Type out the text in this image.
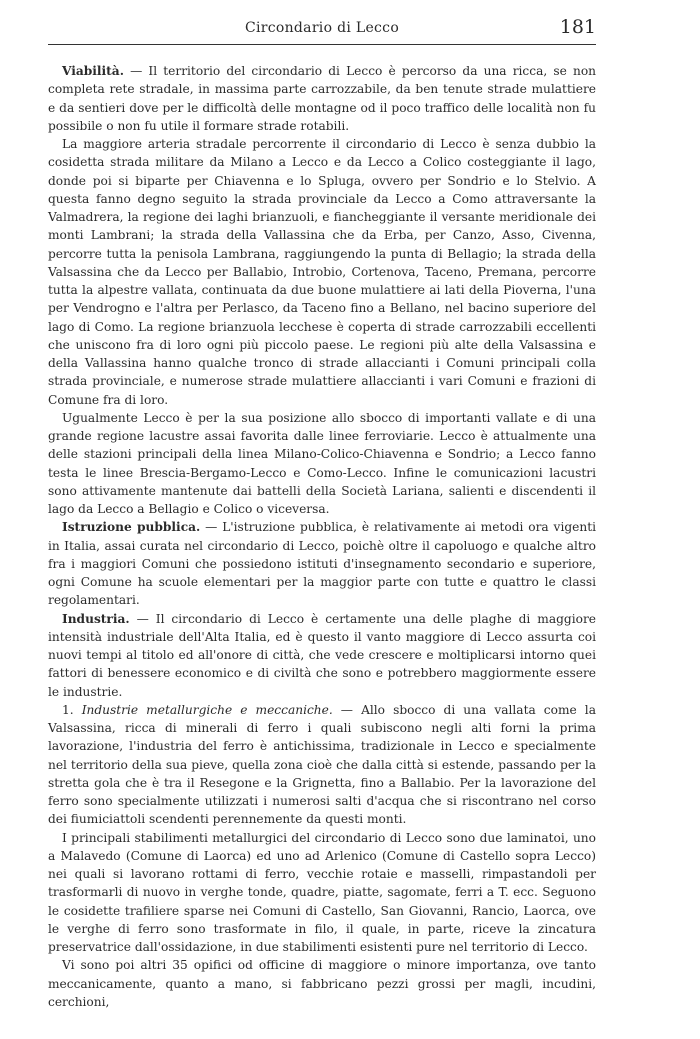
Circondario di Lecco	181

Viabilità. — Il territorio del circondario di Lecco è percorso da una ricca, se non completa rete stradale, in massima parte carrozzabile, da ben tenute strade mulattiere e da sentieri dove per le difficoltà delle montagne od il poco traffico delle località non fu possibile o non fu utile il formare strade rotabili.

La maggiore arteria stradale percorrente il circondario di Lecco è senza dubbio la cosidetta strada militare da Milano a Lecco e da Lecco a Colico costeggiante il lago, donde poi si biparte per Chiavenna e lo Spluga, ovvero per Sondrio e lo Stelvio. A questa fanno degno seguito la strada provinciale da Lecco a Como attraversante la Valmadrera, la regione dei laghi brianzuoli, e fiancheggiante il versante meridionale dei monti Lambrani; la strada della Vallassina che da Erba, per Canzo, Asso, Civenna, percorre tutta la penisola Lambrana, raggiungendo la punta di Bellagio; la strada della Valsassina che da Lecco per Ballabio, Introbio, Cortenova, Taceno, Premana, percorre tutta la alpestre vallata, continuata da due buone mulattiere ai lati della Pioverna, l'una per Vendrogno e l'altra per Perlasco, da Taceno fino a Bellano, nel bacino superiore del lago di Como. La regione brianzuola lecchese è coperta di strade carrozzabili eccellenti che uniscono fra di loro ogni più piccolo paese. Le regioni più alte della Valsassina e della Vallassina hanno qualche tronco di strade allaccianti i Comuni principali colla strada provinciale, e numerose strade mulattiere allaccianti i vari Comuni e frazioni di Comune fra di loro.

Ugualmente Lecco è per la sua posizione allo sbocco di importanti vallate e di una grande regione lacustre assai favorita dalle linee ferroviarie. Lecco è attualmente una delle stazioni principali della linea Milano-Colico-Chiavenna e Sondrio; a Lecco fanno testa le linee Brescia-Bergamo-Lecco e Como-Lecco. Infine le comunicazioni lacustri sono attivamente mantenute dai battelli della Società Lariana, salienti e discendenti il lago da Lecco a Bellagio e Colico o viceversa.

Istruzione pubblica. — L'istruzione pubblica, è relativamente ai metodi ora vigenti in Italia, assai curata nel circondario di Lecco, poichè oltre il capoluogo e qualche altro fra i maggiori Comuni che possiedono istituti d'insegnamento secondario e superiore, ogni Comune ha scuole elementari per la maggior parte con tutte e quattro le classi regolamentari.

Industria. — Il circondario di Lecco è certamente una delle plaghe di maggiore intensità industriale dell'Alta Italia, ed è questo il vanto maggiore di Lecco assurta coi nuovi tempi al titolo ed all'onore di città, che vede crescere e moltiplicarsi intorno quei fattori di benessere economico e di civiltà che sono e potrebbero maggiormente essere le industrie.

1. Industrie metallurgiche e meccaniche. — Allo sbocco di una vallata come la Valsassina, ricca di minerali di ferro i quali subiscono negli alti forni la prima lavorazione, l'industria del ferro è antichissima, tradizionale in Lecco e specialmente nel territorio della sua pieve, quella zona cioè che dalla città si estende, passando per la stretta gola che è tra il Resegone e la Grignetta, fino a Ballabio. Per la lavorazione del ferro sono specialmente utilizzati i numerosi salti d'acqua che si riscontrano nel corso dei fiumiciattoli scendenti perennemente da questi monti.

I principali stabilimenti metallurgici del circondario di Lecco sono due laminatoi, uno a Malavedo (Comune di Laorca) ed uno ad Arlenico (Comune di Castello sopra Lecco) nei quali si lavorano rottami di ferro, vecchie rotaie e masselli, rimpastandoli per trasformarli di nuovo in verghe tonde, quadre, piatte, sagomate, ferri a T. ecc. Seguono le cosidette trafiliere sparse nei Comuni di Castello, San Giovanni, Rancio, Laorca, ove le verghe di ferro sono trasformate in filo, il quale, in parte, riceve la zincatura preservatrice dall'ossidazione, in due stabilimenti esistenti pure nel territorio di Lecco.

Vi sono poi altri 35 opifici od officine di maggiore o minore importanza, ove tanto meccanicamente, quanto a mano, si fabbricano pezzi grossi per magli, incudini, cerchioni,
